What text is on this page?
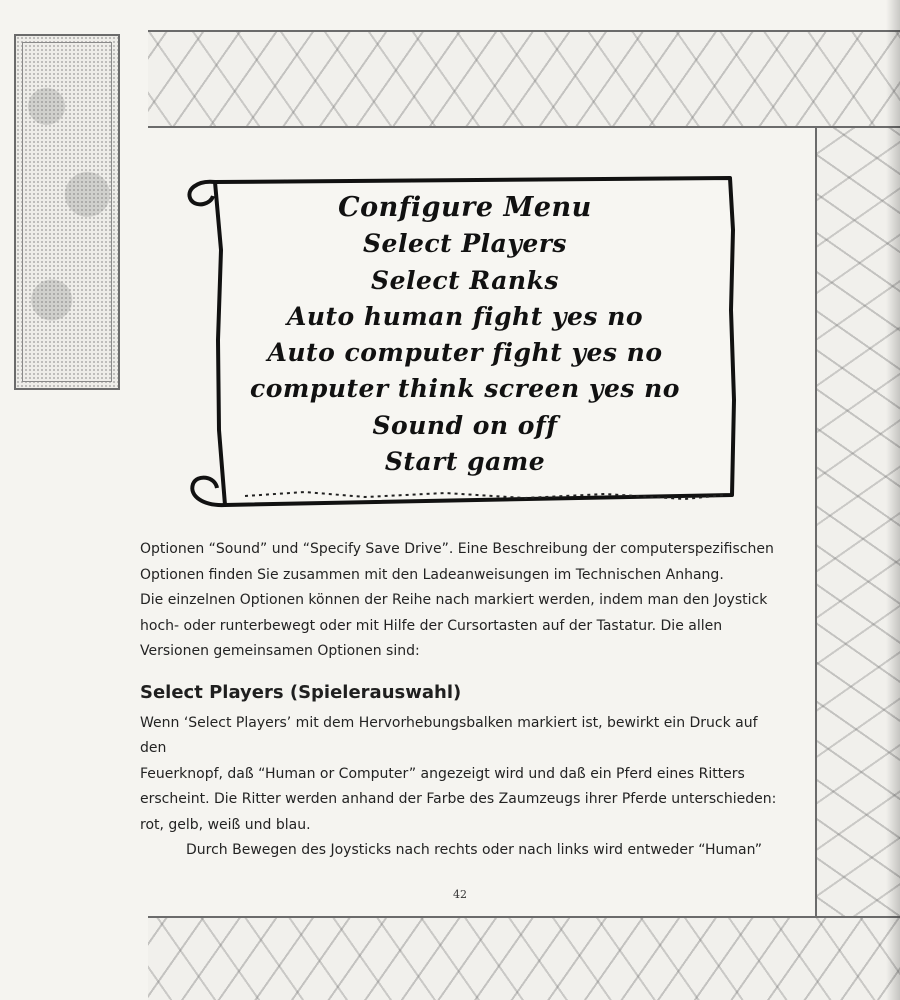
Configure Menu
Select Players
Select Ranks
Auto human fight yes no
Auto computer fight yes no
computer think screen yes no
Sound on off
Start game

Optionen “Sound” und “Specify Save Drive”. Eine Beschreibung der computerspezifischen
Optionen finden Sie zusammen mit den Ladeanweisungen im Technischen Anhang.

Die einzelnen Optionen können der Reihe nach markiert werden, indem man den Joystick
hoch- oder runterbewegt oder mit Hilfe der Cursortasten auf der Tastatur. Die allen
Versionen gemeinsamen Optionen sind:

Select Players (Spielerauswahl)

Wenn ‘Select Players’ mit dem Hervorhebungsbalken markiert ist, bewirkt ein Druck auf den
Feuerknopf, daß “Human or Computer” angezeigt wird und daß ein Pferd eines Ritters
erscheint. Die Ritter werden anhand der Farbe des Zaumzeugs ihrer Pferde unterschieden:
rot, gelb, weiß und blau.

Durch Bewegen des Joysticks nach rechts oder nach links wird entweder “Human”

42
